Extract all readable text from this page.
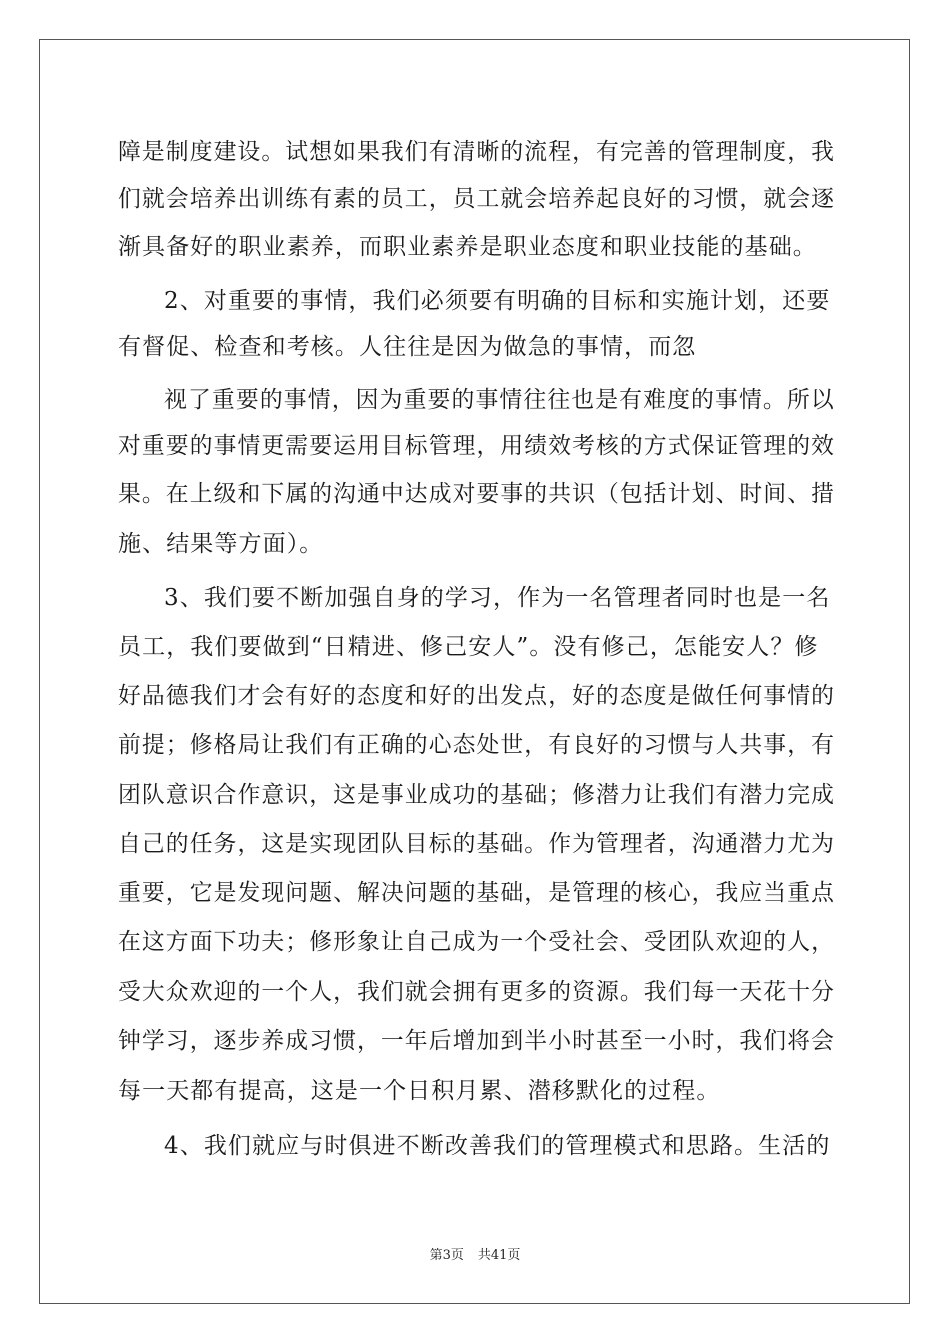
障是制度建设。试想如果我们有清晰的流程，有完善的管理制度，我
们就会培养出训练有素的员工，员工就会培养起良好的习惯，就会逐
渐具备好的职业素养，而职业素养是职业态度和职业技能的基础。
2、对重要的事情，我们必须要有明确的目标和实施计划，还要
有督促、检查和考核。人往往是因为做急的事情，而忽
视了重要的事情，因为重要的事情往往也是有难度的事情。所以
对重要的事情更需要运用目标管理，用绩效考核的方式保证管理的效
果。在上级和下属的沟通中达成对要事的共识（包括计划、时间、措
施、结果等方面）。
3、我们要不断加强自身的学习，作为一名管理者同时也是一名
员工，我们要做到“日精进、修己安人”。没有修己，怎能安人？修
好品德我们才会有好的态度和好的出发点，好的态度是做任何事情的
前提；修格局让我们有正确的心态处世，有良好的习惯与人共事，有
团队意识合作意识，这是事业成功的基础；修潜力让我们有潜力完成
自己的任务，这是实现团队目标的基础。作为管理者，沟通潜力尤为
重要，它是发现问题、解决问题的基础，是管理的核心，我应当重点
在这方面下功夫；修形象让自己成为一个受社会、受团队欢迎的人，
受大众欢迎的一个人，我们就会拥有更多的资源。我们每一天花十分
钟学习，逐步养成习惯，一年后增加到半小时甚至一小时，我们将会
每一天都有提高，这是一个日积月累、潜移默化的过程。
4、我们就应与时俱进不断改善我们的管理模式和思路。生活的
第3页 共41页
